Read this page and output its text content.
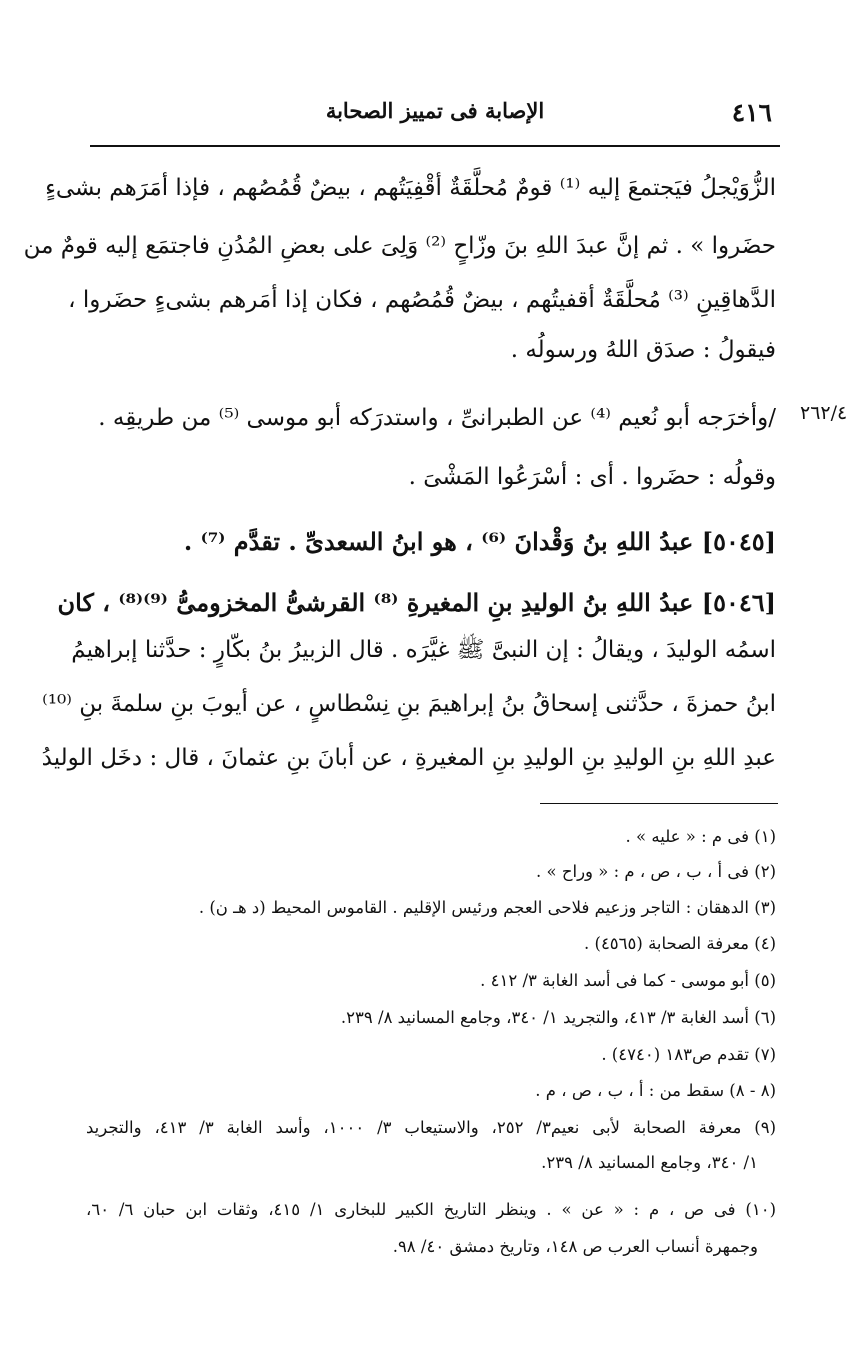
٤١٦
الإصابة فى تمييز الصحابة
٢٦٢/٤
الزُّوَيْجلُ فيَجتمعَ إليه ⁽¹⁾ قومٌ مُحلَّقَةٌ أقْفِيَتُهم ، بيضٌ قُمُصُهم ، فإذا أمَرَهم بشىءٍ
حضَروا » . ثم إنَّ عبدَ اللهِ بنَ وزّاحٍ ⁽²⁾ وَلِىَ على بعضِ المُدُنِ فاجتمَع إليه قومٌ من
الدَّهاقِينِ ⁽³⁾ مُحلَّقَةٌ أقفيتُهم ، بيضٌ قُمُصُهم ، فكان إذا أمَرهم بشىءٍ حضَروا ،
فيقولُ : صدَق اللهُ ورسولُه .
/وأخرَجه أبو نُعيم ⁽⁴⁾ عن الطبرانىِّ ، واستدرَكه أبو موسى ⁽⁵⁾ من طريقِه .
وقولُه : حضَروا . أى : أسْرَعُوا المَشْىَ .
[٥٠٤٥] عبدُ اللهِ بنُ وَقْدانَ ⁽⁶⁾ ، هو ابنُ السعدىِّ . تقدَّم ⁽⁷⁾ .
[٥٠٤٦] عبدُ اللهِ بنُ الوليدِ بنِ المغيرةِ ⁽⁸⁾ القرشىُّ المخزومىُّ ⁽⁹⁾⁽⁸⁾ ، كان
اسمُه الوليدَ ، ويقالُ : إن النبىَّ ﷺ غيَّرَه . قال الزبيرُ بنُ بكّارٍ : حدَّثنا إبراهيمُ
ابنُ حمزةَ ، حدَّثنى إسحاقُ بنُ إبراهيمَ بنِ نِسْطاسٍ ، عن أيوبَ بنِ سلمةَ بنِ ⁽¹⁰⁾
عبدِ اللهِ بنِ الوليدِ بنِ الوليدِ بنِ المغيرةِ ، عن أبانَ بنِ عثمانَ ، قال : دخَل الوليدُ
(١) فى م : « عليه » .
(٢) فى أ ، ب ، ص ، م : « وراح » .
(٣) الدهقان : التاجر وزعيم فلاحى العجم ورئيس الإقليم . القاموس المحيط (د هـ ن) .
(٤) معرفة الصحابة (٤٥٦٥) .
(٥) أبو موسى - كما فى أسد الغابة ٣/ ٤١٢ .
(٦) أسد الغابة ٣/ ٤١٣، والتجريد ١/ ٣٤٠، وجامع المسانيد ٨/ ٢٣٩.
(٧) تقدم ص١٨٣ (٤٧٤٠) .
(٨ - ٨) سقط من : أ ، ب ، ص ، م .
(٩) معرفة الصحابة لأبى نعيم٣/ ٢٥٢، والاستيعاب ٣/ ١٠٠٠، وأسد الغابة ٣/ ٤١٣، والتجريد
١/ ٣٤٠، وجامع المسانيد ٨/ ٢٣٩.
(١٠) فى ص ، م : « عن » . وينظر التاريخ الكبير للبخارى ١/ ٤١٥، وثقات ابن حبان ٦/ ٦٠،
وجمهرة أنساب العرب ص ١٤٨، وتاريخ دمشق ٤٠/ ٩٨.
